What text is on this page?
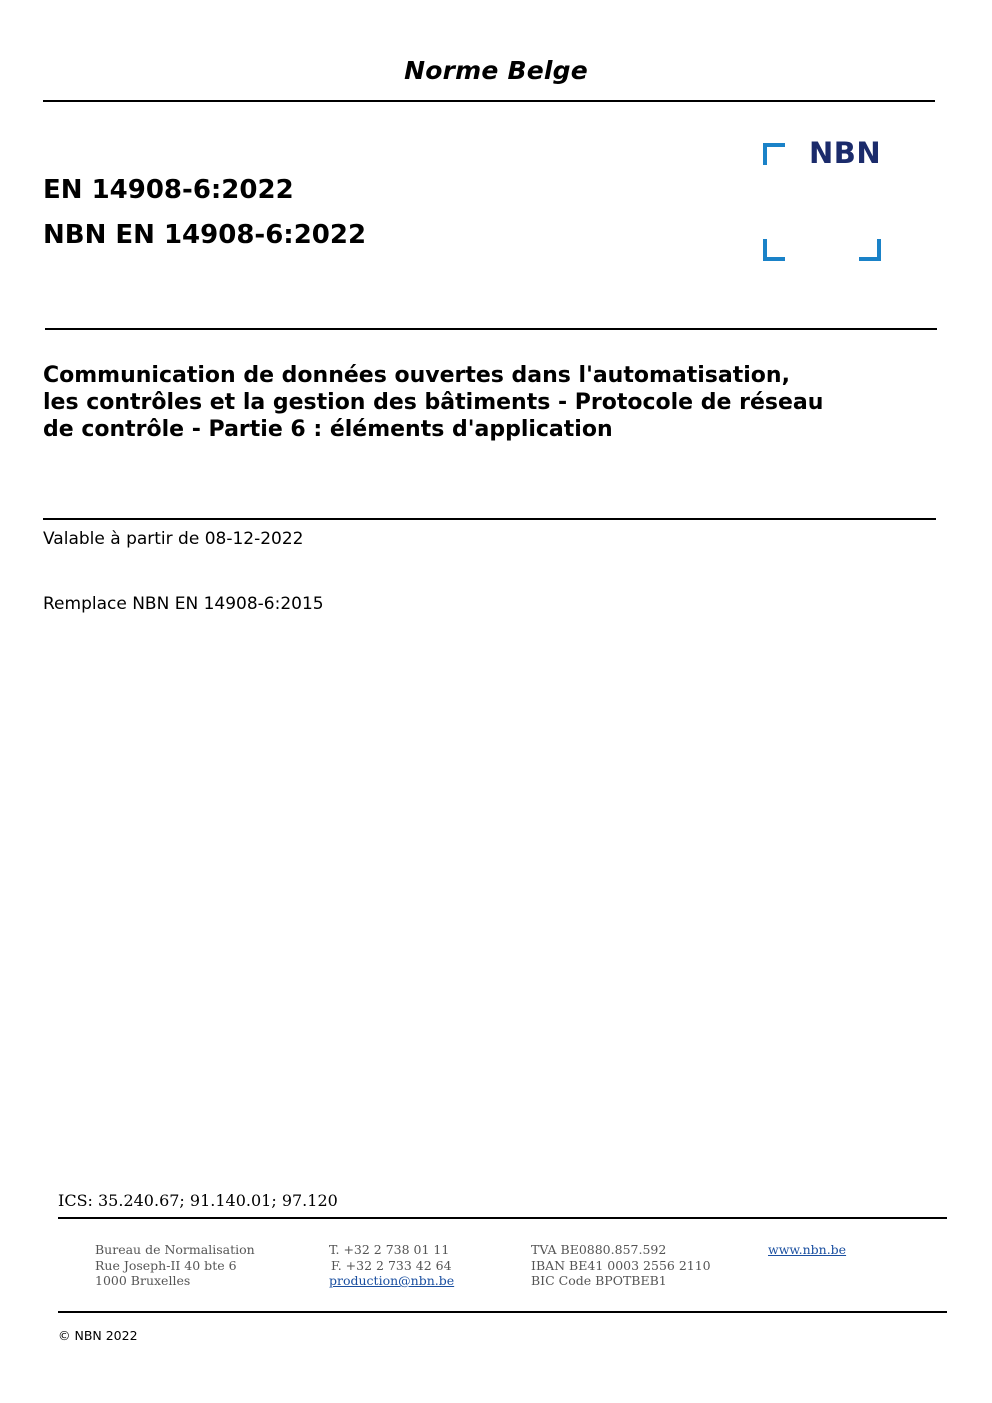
Norme Belge
EN 14908-6:2022
NBN EN 14908-6:2022
NBN
Communication de données ouvertes dans l'automatisation,
les contrôles et la gestion des bâtiments - Protocole de réseau
de contrôle - Partie 6 : éléments d'application
Valable à partir de 08-12-2022
Remplace NBN EN 14908-6:2015
ICS: 35.240.67; 91.140.01; 97.120
Bureau de Normalisation
Rue Joseph-II 40 bte 6
1000 Bruxelles
T. +32 2 738 01 11
F. +32 2 733 42 64
production@nbn.be
TVA BE0880.857.592
IBAN BE41 0003 2556 2110
BIC Code BPOTBEB1
www.nbn.be
© NBN 2022
